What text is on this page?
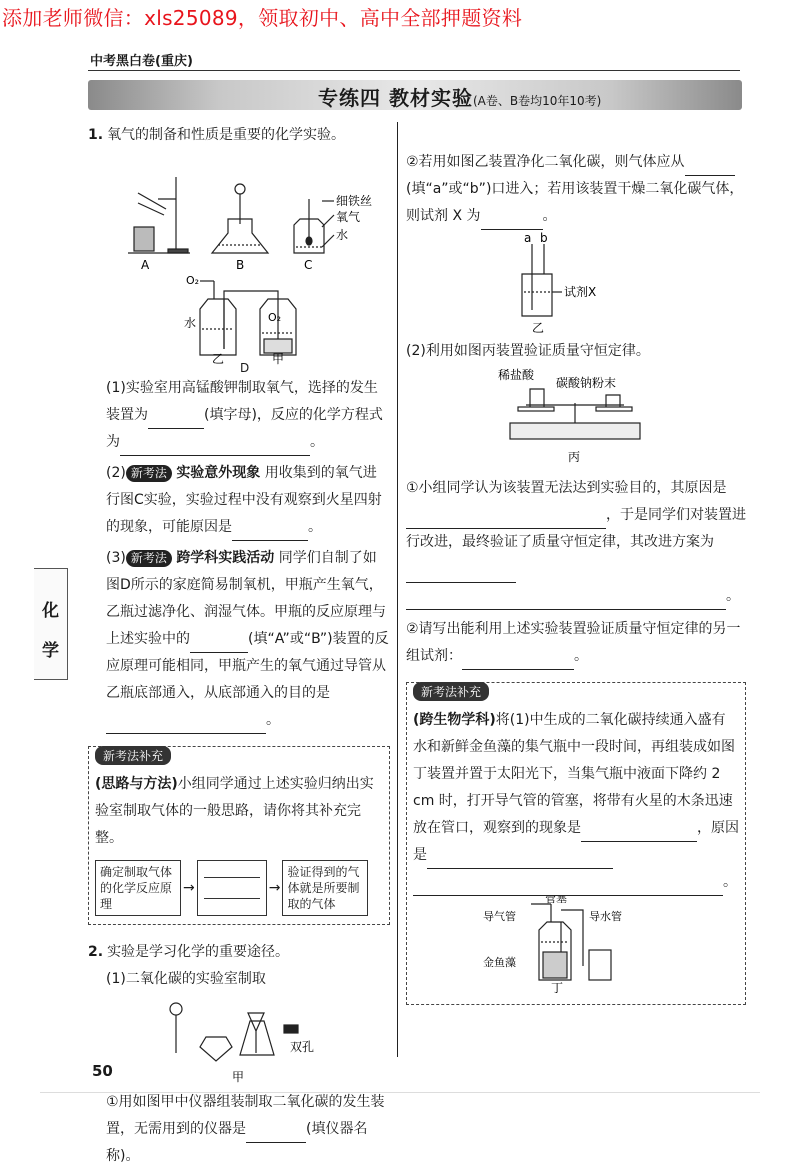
添加老师微信：xls25089，领取初中、高中全部押题资料
中考黑白卷(重庆)
专练四 教材实验(A卷、B卷均10年10考)
化
学
1. 氧气的制备和性质是重要的化学实验。
A	B	C
细铁丝
氧气
水
O₂
水	O₂
乙	甲
D
(1)实验室用高锰酸钾制取氧气，选择的发生装置为	(填字母)，反应的化学方程式为	。
(2) 新考法 实验意外现象 用收集到的氧气进行图C实验，实验过程中没有观察到火星四射的现象，可能原因是	。
(3) 新考法 跨学科实践活动 同学们自制了如图D所示的家庭简易制氧机，甲瓶产生氧气，乙瓶过滤净化、润湿气体。甲瓶的反应原理与上述实验中的	(填“A”或“B”)装置的反应原理可能相同，甲瓶产生的氧气通过导管从乙瓶底部通入，从底部通入的目的是。
新考法补充
(思路与方法)小组同学通过上述实验归纳出实验室制取气体的一般思路，请你将其补充完整。
确定制取气体的化学反应原理
→	→
验证得到的气体就是所要制取的气体
2. 实验是学习化学的重要途径。
(1)二氧化碳的实验室制取
双孔
甲
①用如图甲中仪器组装制取二氧化碳的发生装置，无需用到的仪器是	(填仪器名称)。
②若用如图乙装置净化二氧化碳，则气体应从(填“a”或“b”)口进入；若用该装置干燥二氧化碳气体，则试剂 X 为	。
a b
试剂X
乙
(2)利用如图丙装置验证质量守恒定律。
稀盐酸
碳酸钠粉末
丙
①小组同学认为该装置无法达到实验目的，其原因是，于是同学们对装置进行改进，最终验证了质量守恒定律，其改进方案为。
②请写出能利用上述实验装置验证质量守恒定律的另一组试剂：	。
新考法补充
(跨生物学科)将(1)中生成的二氧化碳持续通入盛有水和新鲜金鱼藻的集气瓶中一段时间，再组装成如图丁装置并置于太阳光下，当集气瓶中液面下降约 2 cm 时，打开导气管的管塞，将带有火星的木条迅速放在管口，观察到的现象是	，原因是。
管塞
导气管	导水管
金鱼藻
丁
50
